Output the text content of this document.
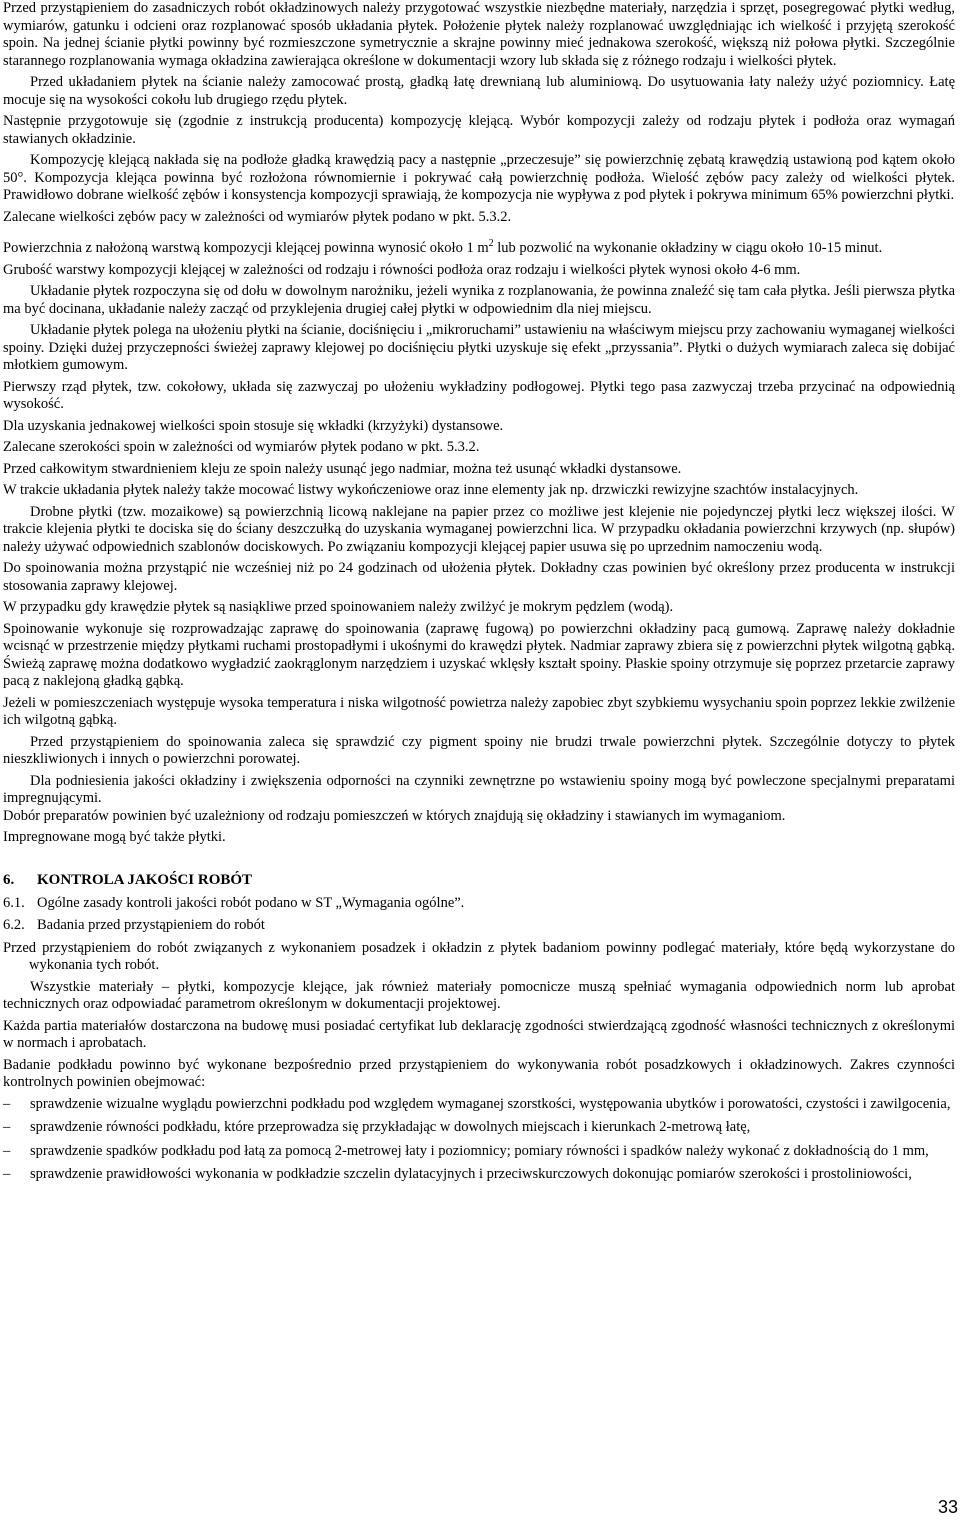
Przed przystąpieniem do zasadniczych robót okładzinowych należy przygotować wszystkie niezbędne materiały, narzędzia i sprzęt, posegregować płytki według, wymiarów, gatunku i odcieni oraz rozplanować sposób układania płytek. Położenie płytek należy rozplanować uwzględniając ich wielkość i przyjętą szerokość spoin. Na jednej ścianie płytki powinny być rozmieszczone symetrycznie a skrajne powinny mieć jednakowa szerokość, większą niż połowa płytki. Szczególnie starannego rozplanowania wymaga okładzina zawierająca określone w dokumentacji wzory lub składa się z różnego rodzaju i wielkości płytek.

Przed układaniem płytek na ścianie należy zamocować prostą, gładką łatę drewnianą lub aluminiową. Do usytuowania łaty należy użyć poziomnicy. Łatę mocuje się na wysokości cokołu lub drugiego rzędu płytek.

Następnie przygotowuje się (zgodnie z instrukcją producenta) kompozycję klejącą. Wybór kompozycji zależy od rodzaju płytek i podłoża oraz wymagań stawianych okładzinie.

Kompozycję klejącą nakłada się na podłoże gładką krawędzią pacy a następnie „przeczesuje” się powierzchnię zębatą krawędzią ustawioną pod kątem około 50°. Kompozycja klejąca powinna być rozłożona równomiernie i pokrywać całą powierzchnię podłoża. Wielość zębów pacy zależy od wielkości płytek. Prawidłowo dobrane wielkość zębów i konsystencja kompozycji sprawiają, że kompozycja nie wypływa z pod płytek i pokrywa minimum 65% powierzchni płytki.

Zalecane wielkości zębów pacy w zależności od wymiarów płytek podano w pkt. 5.3.2.

Powierzchnia z nałożoną warstwą kompozycji klejącej powinna wynosić około 1 $m^2$ lub pozwolić na wykonanie okładziny w ciągu około 10-15 minut.

Grubość warstwy kompozycji klejącej w zależności od rodzaju i równości podłoża oraz rodzaju i wielkości płytek wynosi około 4-6 mm.

Układanie płytek rozpoczyna się od dołu w dowolnym narożniku, jeżeli wynika z rozplanowania, że powinna znaleźć się tam cała płytka. Jeśli pierwsza płytka ma być docinana, układanie należy zacząć od przyklejenia drugiej całej płytki w odpowiednim dla niej miejscu.

Układanie płytek polega na ułożeniu płytki na ścianie, dociśnięciu i „mikroruchami” ustawieniu na właściwym miejscu przy zachowaniu wymaganej wielkości spoiny. Dzięki dużej przyczepności świeżej zaprawy klejowej po dociśnięciu płytki uzyskuje się efekt „przyssania”. Płytki o dużych wymiarach zaleca się dobijać młotkiem gumowym.

Pierwszy rząd płytek, tzw. cokołowy, układa się zazwyczaj po ułożeniu wykładziny podłogowej. Płytki tego pasa zazwyczaj trzeba przycinać na odpowiednią wysokość.

Dla uzyskania jednakowej wielkości spoin stosuje się wkładki (krzyżyki) dystansowe.

Zalecane szerokości spoin w zależności od wymiarów płytek podano w pkt. 5.3.2.

Przed całkowitym stwardnieniem kleju ze spoin należy usunąć jego nadmiar, można też usunąć wkładki dystansowe.

W trakcie układania płytek należy także mocować listwy wykończeniowe oraz inne elementy jak np. drzwiczki rewizyjne szachtów instalacyjnych.

Drobne płytki (tzw. mozaikowe) są powierzchnią licową naklejane na papier przez co możliwe jest klejenie nie pojedynczej płytki lecz większej ilości. W trakcie klejenia płytki te dociska się do ściany deszczułką do uzyskania wymaganej powierzchni lica. W przypadku okładania powierzchni krzywych (np. słupów) należy używać odpowiednich szablonów dociskowych. Po związaniu kompozycji klejącej papier usuwa się po uprzednim namoczeniu wodą.

Do spoinowania można przystąpić nie wcześniej niż po 24 godzinach od ułożenia płytek. Dokładny czas powinien być określony przez producenta w instrukcji stosowania zaprawy klejowej.

W przypadku gdy krawędzie płytek są nasiąkliwe przed spoinowaniem należy zwilżyć je mokrym pędzlem (wodą).

Spoinowanie wykonuje się rozprowadzając zaprawę do spoinowania (zaprawę fugową) po powierzchni okładziny pacą gumową. Zaprawę należy dokładnie wcisnąć w przestrzenie między płytkami ruchami prostopadłymi i ukośnymi do krawędzi płytek. Nadmiar zaprawy zbiera się z powierzchni płytek wilgotną gąbką. Świeżą zaprawę można dodatkowo wygładzić zaokrąglonym narzędziem i uzyskać wklęsły kształt spoiny. Płaskie spoiny otrzymuje się poprzez przetarcie zaprawy pacą z naklejoną gładką gąbką.

Jeżeli w pomieszczeniach występuje wysoka temperatura i niska wilgotność powietrza należy zapobiec zbyt szybkiemu wysychaniu spoin poprzez lekkie zwilżenie ich wilgotną gąbką.

Przed przystąpieniem do spoinowania zaleca się sprawdzić czy pigment spoiny nie brudzi trwale powierzchni płytek. Szczególnie dotyczy to płytek nieszkliwionych i innych o powierzchni porowatej.

Dla podniesienia jakości okładziny i zwiększenia odporności na czynniki zewnętrzne po wstawieniu spoiny mogą być powleczone specjalnymi preparatami impregnującymi.

Dobór preparatów powinien być uzależniony od rodzaju pomieszczeń w których znajdują się okładziny i stawianych im wymaganiom.

Impregnowane mogą być także płytki.

6.	KONTROLA JAKOŚCI ROBÓT
6.1. Ogólne zasady kontroli jakości robót podano w ST „Wymagania ogólne”.
6.2. Badania przed przystąpieniem do robót

Przed przystąpieniem do robót związanych z wykonaniem posadzek i okładzin z płytek badaniom powinny podlegać materiały, które będą wykorzystane do wykonania tych robót.

Wszystkie materiały – płytki, kompozycje klejące, jak również materiały pomocnicze muszą spełniać wymagania odpowiednich norm lub aprobat technicznych oraz odpowiadać parametrom określonym w dokumentacji projektowej.

Każda partia materiałów dostarczona na budowę musi posiadać certyfikat lub deklarację zgodności stwierdzającą zgodność własności technicznych z określonymi w normach i aprobatach.

Badanie podkładu powinno być wykonane bezpośrednio przed przystąpieniem do wykonywania robót posadzkowych i okładzinowych. Zakres czynności kontrolnych powinien obejmować:

– sprawdzenie wizualne wyglądu powierzchni podkładu pod względem wymaganej szorstkości, występowania ubytków i porowatości, czystości i zawilgocenia,
– sprawdzenie równości podkładu, które przeprowadza się przykładając w dowolnych miejscach i kierunkach 2-metrową łatę,
– sprawdzenie spadków podkładu pod łatą za pomocą 2-metrowej łaty i poziomnicy; pomiary równości i spadków należy wykonać z dokładnością do 1 mm,
– sprawdzenie prawidłowości wykonania w podkładzie szczelin dylatacyjnych i przeciwskurczowych dokonując pomiarów szerokości i prostoliniowości,
33
